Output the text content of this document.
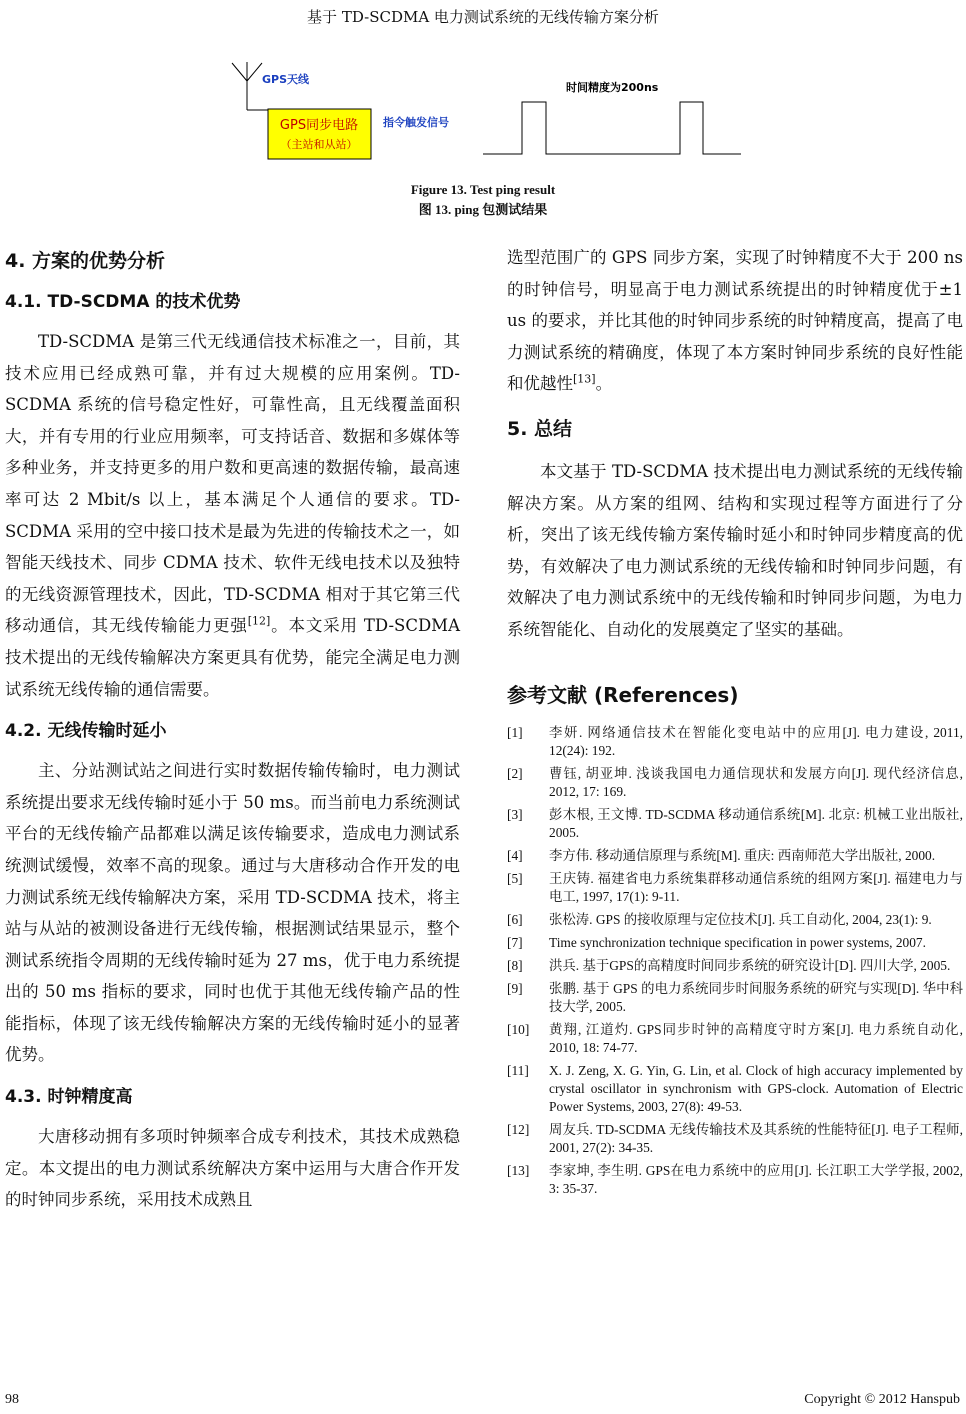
基于 TD-SCDMA 电力测试系统的无线传输方案分析
GPS天线
GPS同步电路
（主站和从站）
指令触发信号
时间精度为200ns
Figure 13. Test ping result
图 13. ping 包测试结果
4. 方案的优势分析
4.1. TD-SCDMA 的技术优势

TD-SCDMA 是第三代无线通信技术标准之一，目前，其技术应用已经成熟可靠，并有过大规模的应用案例。TD-SCDMA 系统的信号稳定性好，可靠性高，且无线覆盖面积大，并有专用的行业应用频率，可支持话音、数据和多媒体等多种业务，并支持更多的用户数和更高速的数据传输，最高速率可达 2 Mbit/s 以上，基本满足个人通信的要求。TD-SCDMA 采用的空中接口技术是最为先进的传输技术之一，如智能天线技术、同步 CDMA 技术、软件无线电技术以及独特的无线资源管理技术，因此，TD-SCDMA 相对于其它第三代移动通信，其无线传输能力更强[12]。本文采用 TD-SCDMA 技术提出的无线传输解决方案更具有优势，能完全满足电力测试系统无线传输的通信需要。

4.2. 无线传输时延小

主、分站测试站之间进行实时数据传输传输时，电力测试系统提出要求无线传输时延小于 50 ms。而当前电力系统测试平台的无线传输产品都难以满足该传输要求，造成电力测试系统测试缓慢，效率不高的现象。通过与大唐移动合作开发的电力测试系统无线传输解决方案，采用 TD-SCDMA 技术，将主站与从站的被测设备进行无线传输，根据测试结果显示，整个测试系统指令周期的无线传输时延为 27 ms，优于电力系统提出的 50 ms 指标的要求，同时也优于其他无线传输产品的性能指标，体现了该无线传输解决方案的无线传输时延小的显著优势。

4.3. 时钟精度高

大唐移动拥有多项时钟频率合成专利技术，其技术成熟稳定。本文提出的电力测试系统解决方案中运用与大唐合作开发的时钟同步系统，采用技术成熟且

选型范围广的 GPS 同步方案，实现了时钟精度不大于 200 ns 的时钟信号，明显高于电力测试系统提出的时钟精度优于±1 us 的要求，并比其他的时钟同步系统的时钟精度高，提高了电力测试系统的精确度，体现了本方案时钟同步系统的良好性能和优越性[13]。

5. 总结

本文基于 TD-SCDMA 技术提出电力测试系统的无线传输解决方案。从方案的组网、结构和实现过程等方面进行了分析，突出了该无线传输方案传输时延小和时钟同步精度高的优势，有效解决了电力测试系统的无线传输和时钟同步问题，有效解决了电力测试系统中的无线传输和时钟同步问题，为电力系统智能化、自动化的发展奠定了坚实的基础。

参考文献 (References)
[1]	李妍. 网络通信技术在智能化变电站中的应用[J]. 电力建设, 2011, 12(24): 192.
[2]	曹钰, 胡亚坤. 浅谈我国电力通信现状和发展方向[J]. 现代经济信息, 2012, 17: 169.
[3]	彭木根, 王文博. TD-SCDMA 移动通信系统[M]. 北京: 机械工业出版社, 2005.
[4]	李方伟. 移动通信原理与系统[M]. 重庆: 西南师范大学出版社, 2000.
[5]	王庆铸. 福建省电力系统集群移动通信系统的组网方案[J]. 福建电力与电工, 1997, 17(1): 9-11.
[6]	张松涛. GPS 的接收原理与定位技术[J]. 兵工自动化, 2004, 23(1): 9.
[7]	Time synchronization technique specification in power systems, 2007.
[8]	洪兵. 基于GPS的高精度时间同步系统的研究设计[D]. 四川大学, 2005.
[9]	张鹏. 基于 GPS 的电力系统同步时间服务系统的研究与实现[D]. 华中科技大学, 2005.
[10]	黄翔, 江道灼. GPS同步时钟的高精度守时方案[J]. 电力系统自动化, 2010, 18: 74-77.
[11]	X. J. Zeng, X. G. Yin, G. Lin, et al. Clock of high accuracy implemented by crystal oscillator in synchronism with GPS-clock. Automation of Electric Power Systems, 2003, 27(8): 49-53.
[12]	周友兵. TD-SCDMA 无线传输技术及其系统的性能特征[J]. 电子工程师, 2001, 27(2): 34-35.
[13]	李家坤, 李生明. GPS在电力系统中的应用[J]. 长江职工大学学报, 2002, 3: 35-37.
98	Copyright © 2012 Hanspub
